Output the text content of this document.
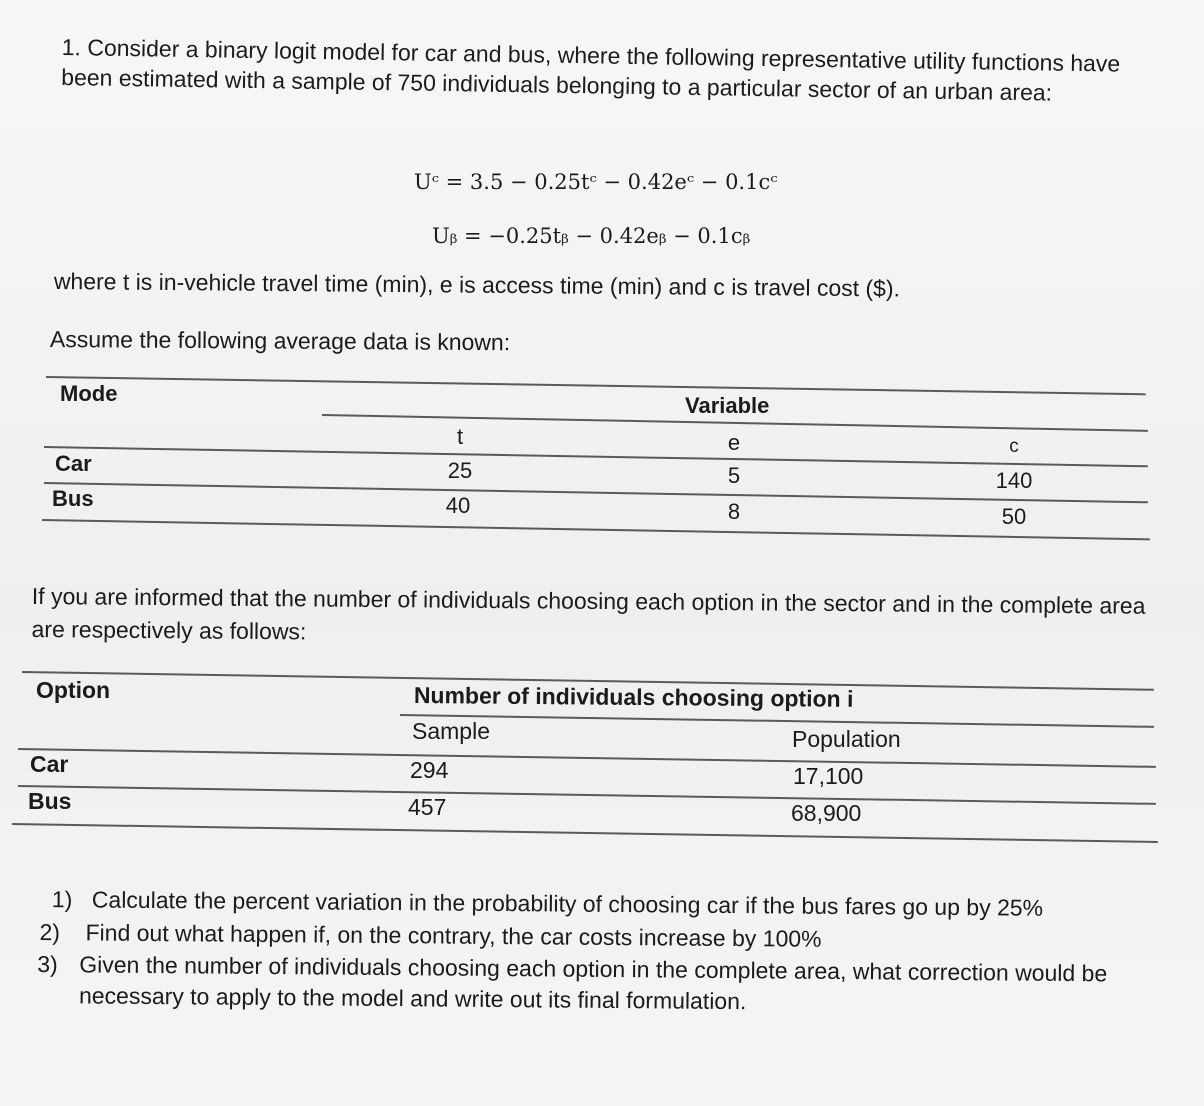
1. Consider a binary logit model for car and bus, where the following representative utility functions have been estimated with a sample of 750 individuals belonging to a particular sector of an urban area:
Uᶜ = 3.5 − 0.25tᶜ − 0.42eᶜ − 0.1cᶜ
Uᵦ = −0.25tᵦ − 0.42eᵦ − 0.1cᵦ
where t is in-vehicle travel time (min), e is access time (min) and c is travel cost ($).
Assume the following average data is known:
Mode	Variable
t	e	c
Car	25	5	140
Bus	40	8	50
If you are informed that the number of individuals choosing each option in the sector and in the complete area are respectively as follows:
Option	Number of individuals choosing option i
Sample	Population
Car	294	17,100
Bus	457	68,900
1) Calculate the percent variation in the probability of choosing car if the bus fares go up by 25%
2) Find out what happen if, on the contrary, the car costs increase by 100%
3) Given the number of individuals choosing each option in the complete area, what correction would be necessary to apply to the model and write out its final formulation.
